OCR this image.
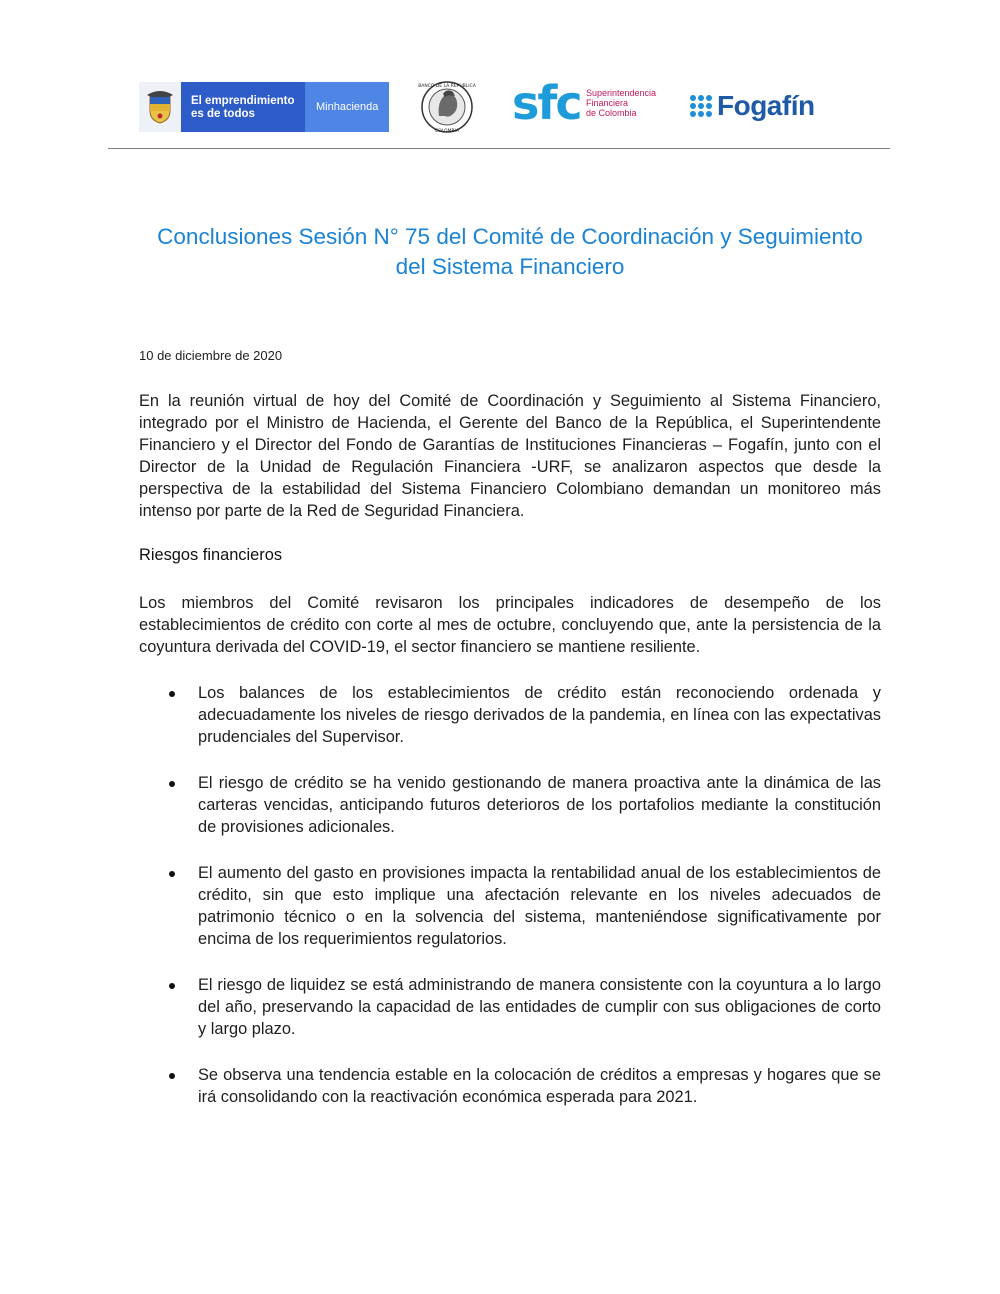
El emprendimiento
es de todos
Minhacienda
BANCO DE LA REPUBLICA
COLOMBIA
sfc Superintendencia
Financiera
de Colombia	Fogafín
Conclusiones Sesión N° 75 del Comité de Coordinación y Seguimiento
del Sistema Financiero
10 de diciembre de 2020

En la reunión virtual de hoy del Comité de Coordinación y Seguimiento al Sistema Financiero, integrado por el Ministro de Hacienda, el Gerente del Banco de la República, el Superintendente Financiero y el Director del Fondo de Garantías de Instituciones Financieras – Fogafín, junto con el Director de la Unidad de Regulación Financiera -URF, se analizaron aspectos que desde la perspectiva de la estabilidad del Sistema Financiero Colombiano demandan un monitoreo más intenso por parte de la Red de Seguridad Financiera.

Riesgos financieros

Los miembros del Comité revisaron los principales indicadores de desempeño de los establecimientos de crédito con corte al mes de octubre, concluyendo que, ante la persistencia de la coyuntura derivada del COVID-19, el sector financiero se mantiene resiliente.

Los balances de los establecimientos de crédito están reconociendo ordenada y adecuadamente los niveles de riesgo derivados de la pandemia, en línea con las expectativas prudenciales del Supervisor.
El riesgo de crédito se ha venido gestionando de manera proactiva ante la dinámica de las carteras vencidas, anticipando futuros deterioros de los portafolios mediante la constitución de provisiones adicionales.
El aumento del gasto en provisiones impacta la rentabilidad anual de los establecimientos de crédito, sin que esto implique una afectación relevante en los niveles adecuados de patrimonio técnico o en la solvencia del sistema, manteniéndose significativamente por encima de los requerimientos regulatorios.
El riesgo de liquidez se está administrando de manera consistente con la coyuntura a lo largo del año, preservando la capacidad de las entidades de cumplir con sus obligaciones de corto y largo plazo.
Se observa una tendencia estable en la colocación de créditos a empresas y hogares que se irá consolidando con la reactivación económica esperada para 2021.
